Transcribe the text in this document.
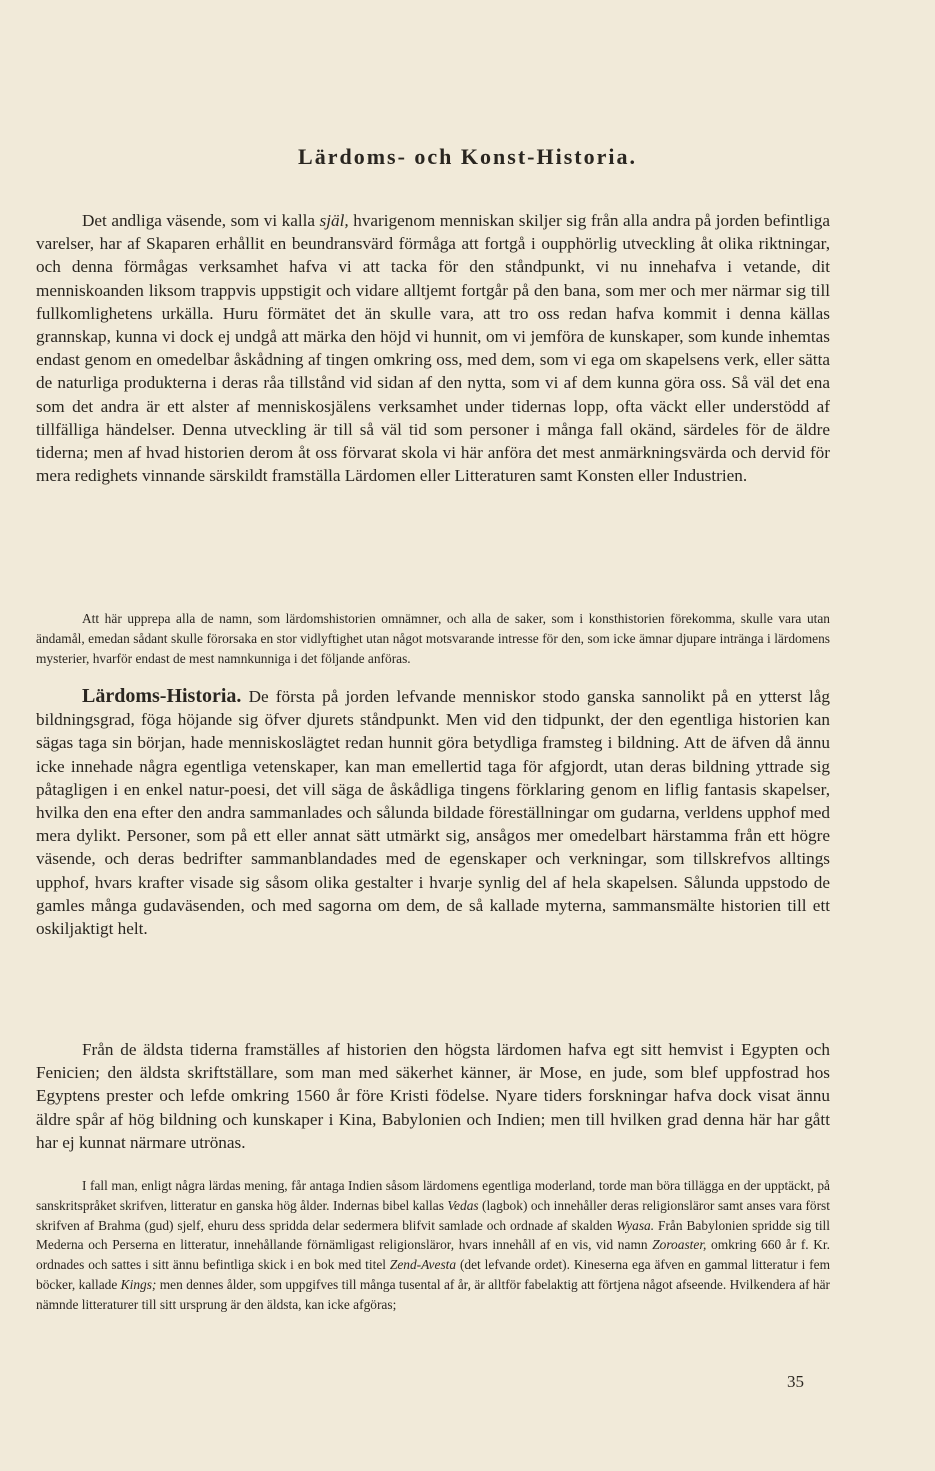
Lärdoms- och Konst-Historia.

Det andliga väsende, som vi kalla själ, hvarigenom menniskan skiljer sig från alla andra på jorden befintliga varelser, har af Skaparen erhållit en beundransvärd förmåga att fortgå i oupphörlig utveckling åt olika riktningar, och denna förmågas verksamhet hafva vi att tacka för den ståndpunkt, vi nu innehafva i vetande, dit menniskoanden liksom trappvis uppstigit och vidare alltjemt fortgår på den bana, som mer och mer närmar sig till fullkomlighetens urkälla. Huru förmätet det än skulle vara, att tro oss redan hafva kommit i denna källas grannskap, kunna vi dock ej undgå att märka den höjd vi hunnit, om vi jemföra de kunskaper, som kunde inhemtas endast genom en omedelbar åskådning af tingen omkring oss, med dem, som vi ega om skapelsens verk, eller sätta de naturliga produkterna i deras råa tillstånd vid sidan af den nytta, som vi af dem kunna göra oss. Så väl det ena som det andra är ett alster af menniskosjälens verksamhet under tidernas lopp, ofta väckt eller understödd af tillfälliga händelser. Denna utveckling är till så väl tid som personer i många fall okänd, särdeles för de äldre tiderna; men af hvad historien derom åt oss förvarat skola vi här anföra det mest anmärkningsvärda och dervid för mera redighets vinnande särskildt framställa Lärdomen eller Litteraturen samt Konsten eller Industrien.

Att här upprepa alla de namn, som lärdomshistorien omnämner, och alla de saker, som i konsthistorien förekomma, skulle vara utan ändamål, emedan sådant skulle förorsaka en stor vidlyftighet utan något motsvarande intresse för den, som icke ämnar djupare inträngа i lärdomens mysterier, hvarför endast de mest namnkunniga i det följande anföras.

Lärdoms-Historia. De första på jorden lefvande menniskor stodo ganska sannolikt på en ytterst låg bildningsgrad, föga höjande sig öfver djurets ståndpunkt. Men vid den tidpunkt, der den egentliga historien kan sägas taga sin början, hade menniskoslägtet redan hunnit göra betydliga framsteg i bildning. Att de äfven då ännu icke innehade några egentliga vetenskaper, kan man emellertid taga för afgjordt, utan deras bildning yttrade sig påtagligen i en enkel natur-poesi, det vill säga de åskådliga tingens förklaring genom en liflig fantasis skapelser, hvilka den ena efter den andra sammanlades och sålunda bildade föreställningar om gudarna, verldens upphof med mera dylikt. Personer, som på ett eller annat sätt utmärkt sig, ansågos mer omedelbart härstamma från ett högre väsende, och deras bedrifter sammanblandades med de egenskaper och verkningar, som tillskrefvos alltings upphof, hvars krafter visade sig såsom olika gestalter i hvarje synlig del af hela skapelsen. Sålunda uppstodo de gamles många gudaväsenden, och med sagorna om dem, de så kallade myterna, sammansmälte historien till ett oskiljaktigt helt.

Från de äldsta tiderna framställes af historien den högsta lärdomen hafva egt sitt hemvist i Egypten och Fenicien; den äldsta skriftställare, som man med säkerhet känner, är Mose, en jude, som blef uppfostrad hos Egyptens prester och lefde omkring 1560 år före Kristi födelse. Nyare tiders forskningar hafva dock visat ännu äldre spår af hög bildning och kunskaper i Kina, Babylonien och Indien; men till hvilken grad denna här har gått har ej kunnat närmare utrönas.

I fall man, enligt några lärdas mening, får antaga Indien såsom lärdomens egentliga moderland, torde man böra tillägga en der upptäckt, på sanskritspråket skrifven, litteratur en ganska hög ålder. Indernas bibel kallas Vedas (lagbok) och innehåller deras religionsläror samt anses vara först skrifven af Brahma (gud) sjelf, ehuru dess spridda delar sedermera blifvit samlade och ordnade af skalden Wyasa. Från Babylonien spridde sig till Mederna och Perserna en litteratur, innehållande förnämligast religionsläror, hvars innehåll af en vis, vid namn Zoroaster, omkring 660 år f. Kr. ordnades och sattes i sitt ännu befintliga skick i en bok med titel Zend-Avesta (det lefvande ordet). Kineserna ega äfven en gammal litteratur i fem böcker, kallade Kings; men dennes ålder, som uppgifves till många tusental af år, är alltför fabelaktig att förtjena något afseende. Hvilkendera af här nämnde litteraturer till sitt ursprung är den äldsta, kan icke afgöras;

35
